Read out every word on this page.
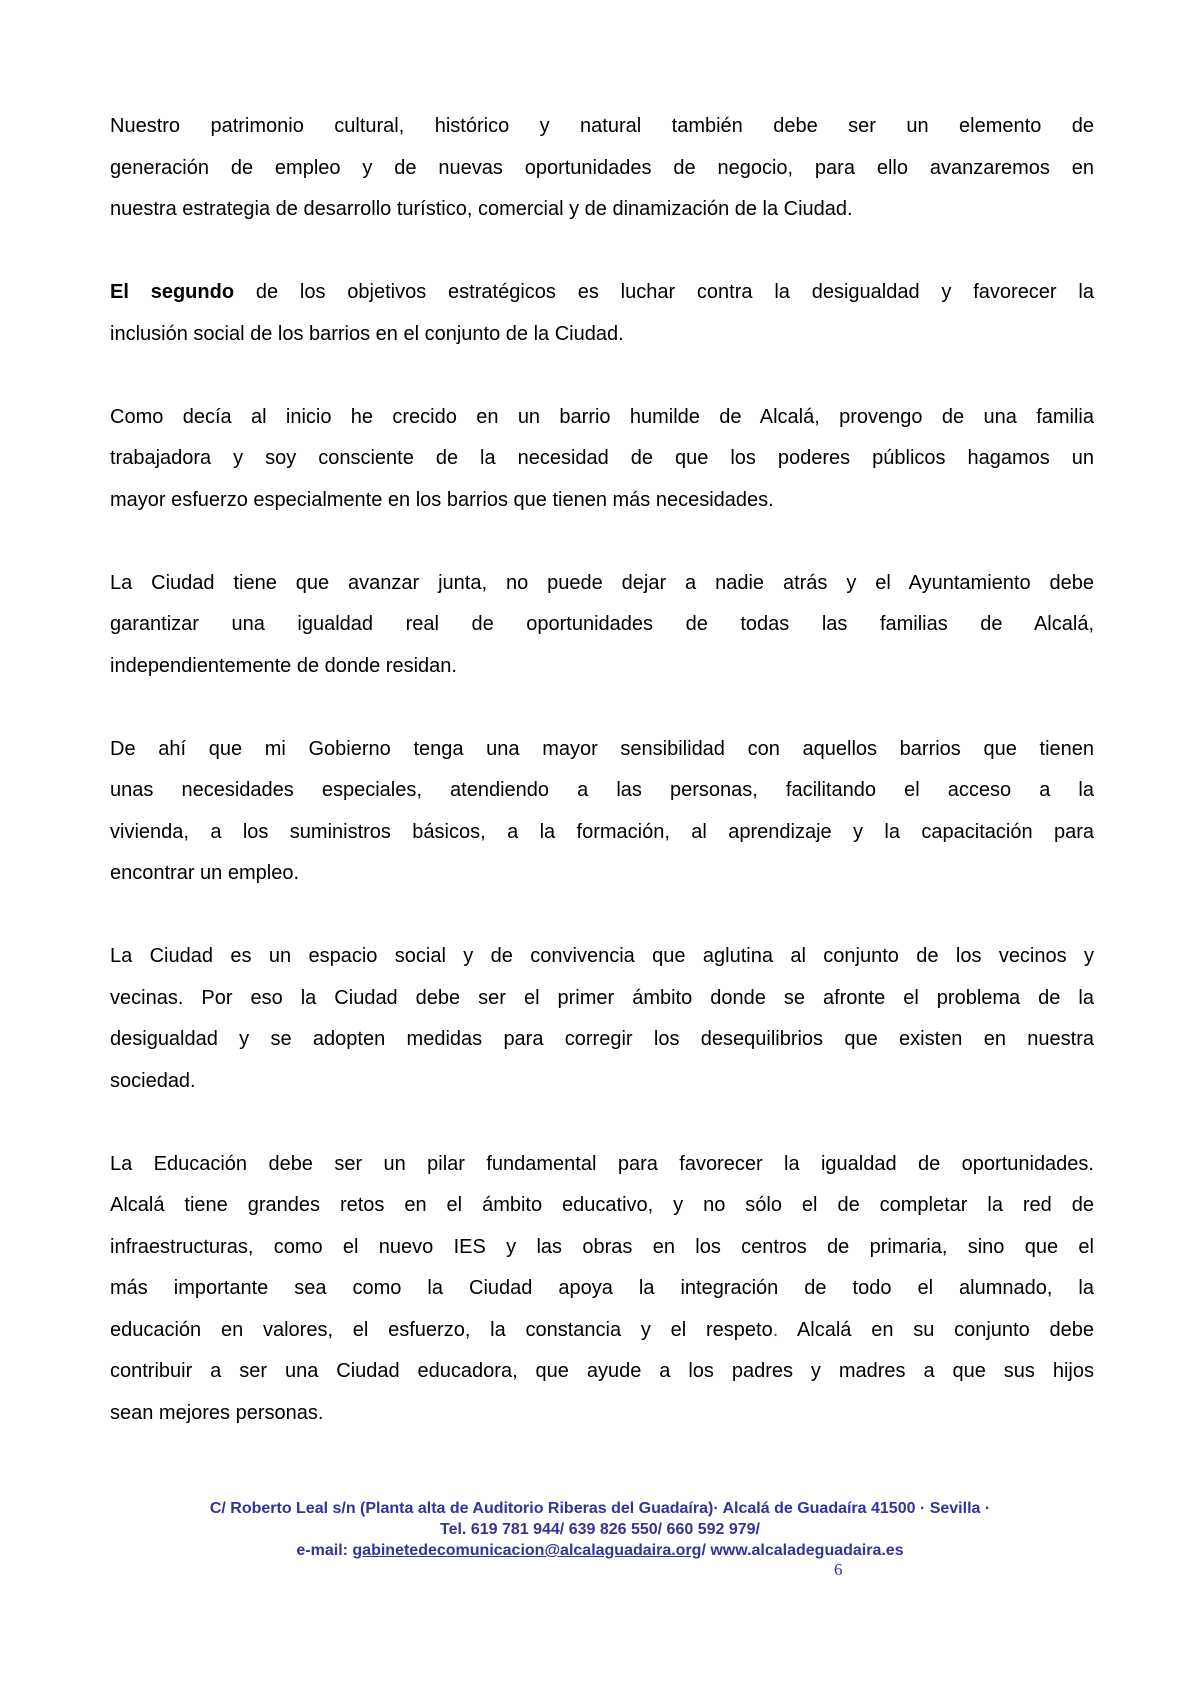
Nuestro patrimonio cultural, histórico y natural también debe ser un elemento de
generación de empleo y de nuevas oportunidades de negocio, para ello avanzaremos en
nuestra estrategia de desarrollo turístico, comercial y de dinamización de la Ciudad.
El segundo de los objetivos estratégicos es luchar contra la desigualdad y favorecer la
inclusión social de los barrios en el conjunto de la Ciudad.
Como decía al inicio he crecido en un barrio humilde de Alcalá, provengo de una familia
trabajadora y soy consciente de la necesidad de que los poderes públicos hagamos un
mayor esfuerzo especialmente en los barrios que tienen más necesidades.
La Ciudad tiene que avanzar junta, no puede dejar a nadie atrás y el Ayuntamiento debe
garantizar una igualdad real de oportunidades de todas las familias de Alcalá,
independientemente de donde residan.
De ahí que mi Gobierno tenga una mayor sensibilidad con aquellos barrios que tienen
unas necesidades especiales, atendiendo a las personas, facilitando el acceso a la
vivienda, a los suministros básicos, a la formación, al aprendizaje y la capacitación para
encontrar un empleo.
La Ciudad es un espacio social y de convivencia que aglutina al conjunto de los vecinos y
vecinas. Por eso la Ciudad debe ser el primer ámbito donde se afronte el problema de la
desigualdad y se adopten medidas para corregir los desequilibrios que existen en nuestra
sociedad.
La Educación debe ser un pilar fundamental para favorecer la igualdad de oportunidades.
Alcalá tiene grandes retos en el ámbito educativo, y no sólo el de completar la red de
infraestructuras, como el nuevo IES y las obras en los centros de primaria, sino que el
más importante sea como la Ciudad apoya la integración de todo el alumnado, la
educación en valores, el esfuerzo, la constancia y el respeto. Alcalá en su conjunto debe
contribuir a ser una Ciudad educadora, que ayude a los padres y madres a que sus hijos
sean mejores personas.
C/ Roberto Leal s/n (Planta alta de Auditorio Riberas del Guadaíra)· Alcalá de Guadaíra 41500 · Sevilla ·
Tel. 619 781 944/ 639 826 550/ 660 592 979/
e-mail: gabinetedecomunicacion@alcalaguadaira.org/ www.alcaladeguadaira.es
6
